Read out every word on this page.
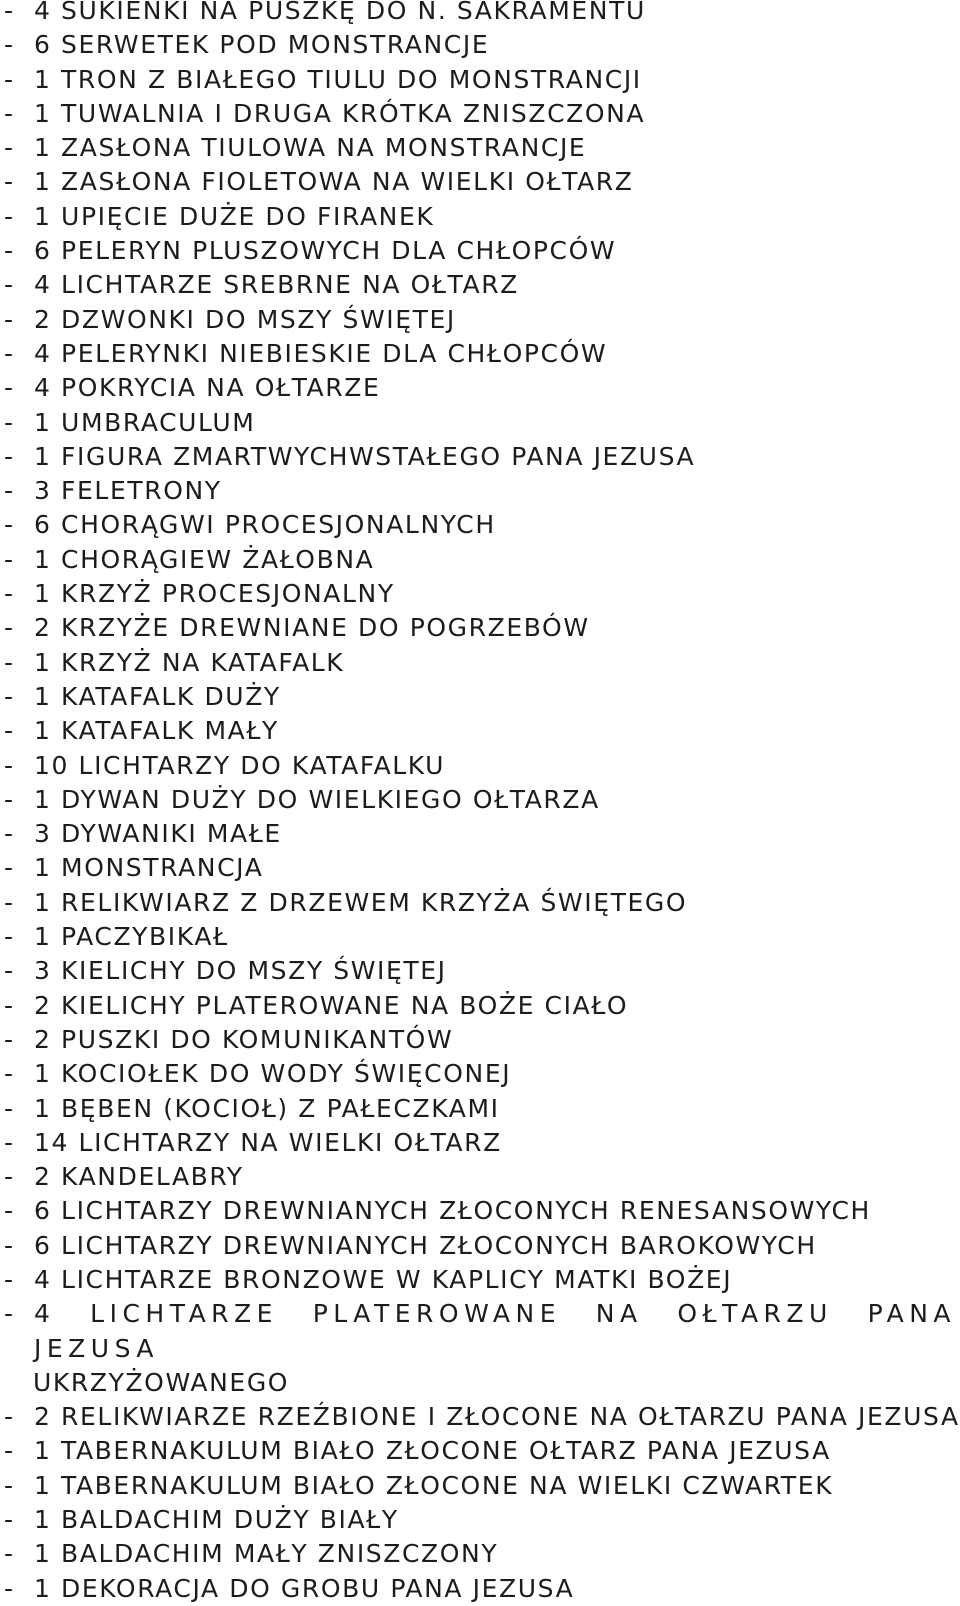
- 4 SUKIENKI NA PUSZKĘ DO N. SAKRAMENTU
- 6 SERWETEK POD MONSTRANCJE
- 1 TRON Z BIAŁEGO TIULU DO MONSTRANCJI
- 1 TUWALNIA I DRUGA KRÓTKA ZNISZCZONA
- 1 ZASŁONA TIULOWA NA MONSTRANCJE
- 1 ZASŁONA FIOLETOWA NA WIELKI OŁTARZ
- 1 UPIĘCIE DUŻE DO FIRANEK
- 6 PELERYN PLUSZOWYCH DLA CHŁOPCÓW
- 4 LICHTARZE SREBRNE NA OŁTARZ
- 2 DZWONKI DO MSZY ŚWIĘTEJ
- 4 PELERYNKI NIEBIESKIE DLA CHŁOPCÓW
- 4 POKRYCIA NA OŁTARZE
- 1 UMBRACULUM
- 1 FIGURA ZMARTWYCHWSTAŁEGO PANA JEZUSA
- 3 FELETRONY
- 6 CHORĄGWI PROCESJONALNYCH
- 1 CHORĄGIEW ŻAŁOBNA
- 1 KRZYŻ PROCESJONALNY
- 2 KRZYŻE DREWNIANE DO POGRZEBÓW
- 1 KRZYŻ NA KATAFALK
- 1 KATAFALK DUŻY
- 1 KATAFALK MAŁY
- 10 LICHTARZY DO KATAFALKU
- 1 DYWAN DUŻY DO WIELKIEGO OŁTARZA
- 3 DYWANIKI MAŁE
- 1 MONSTRANCJA
- 1 RELIKWIARZ Z DRZEWEM KRZYŻA ŚWIĘTEGO
- 1 PACZYBIKAŁ
- 3 KIELICHY DO MSZY ŚWIĘTEJ
- 2 KIELICHY PLATEROWANE NA BOŻE CIAŁO
- 2 PUSZKI DO KOMUNIKANTÓW
- 1 KOCIOŁEK DO WODY ŚWIĘCONEJ
- 1 BĘBEN (KOCIOŁ) Z PAŁECZKAMI
- 14 LICHTARZY NA WIELKI OŁTARZ
- 2 KANDELABRY
- 6 LICHTARZY DREWNIANYCH ZŁOCONYCH RENESANSOWYCH
- 6 LICHTARZY DREWNIANYCH ZŁOCONYCH BAROKOWYCH
- 4 LICHTARZE BRONZOWE W KAPLICY MATKI BOŻEJ
- 4 LICHTARZE PLATEROWANE NA OŁTARZU PANA JEZUSA
UKRZYŻOWANEGO
- 2 RELIKWIARZE RZEŹBIONE I ZŁOCONE NA OŁTARZU PANA JEZUSA
- 1 TABERNAKULUM BIAŁO ZŁOCONE OŁTARZ PANA JEZUSA
- 1 TABERNAKULUM BIAŁO ZŁOCONE NA WIELKI CZWARTEK
- 1 BALDACHIM DUŻY BIAŁY
- 1 BALDACHIM MAŁY ZNISZCZONY
- 1 DEKORACJA DO GROBU PANA JEZUSA
